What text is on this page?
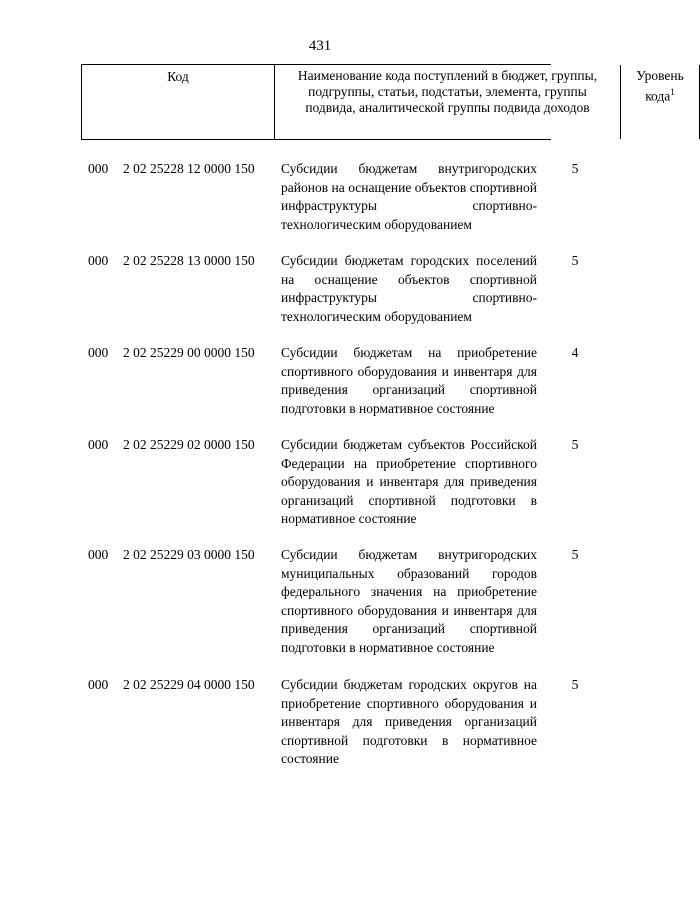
431
Код	Наименование кода поступлений в бюджет, группы, подгруппы, статьи, подстатьи, элемента, группы подвида, аналитической группы подвида доходов
Уровень кода$^1$
000 2 02 25228 12 0000 150 Субсидии бюджетам внутригородских районов на оснащение объектов спортивной инфраструктуры спортивно-технологическим оборудованием
5
000 2 02 25228 13 0000 150 Субсидии бюджетам городских поселений на оснащение объектов спортивной инфраструктуры спортивно-технологическим оборудованием
5
000 2 02 25229 00 0000 150 Субсидии бюджетам на приобретение спортивного оборудования и инвентаря для приведения организаций спортивной подготовки в нормативное состояние
4
000 2 02 25229 02 0000 150 Субсидии бюджетам субъектов Российской Федерации на приобретение спортивного оборудования и инвентаря для приведения организаций спортивной подготовки в нормативное состояние
5
000 2 02 25229 03 0000 150 Субсидии бюджетам внутригородских муниципальных образований городов федерального значения на приобретение спортивного оборудования и инвентаря для приведения организаций спортивной подготовки в нормативное состояние
5
000 2 02 25229 04 0000 150 Субсидии бюджетам городских округов на приобретение спортивного оборудования и инвентаря для приведения организаций спортивной подготовки в нормативное состояние
5
